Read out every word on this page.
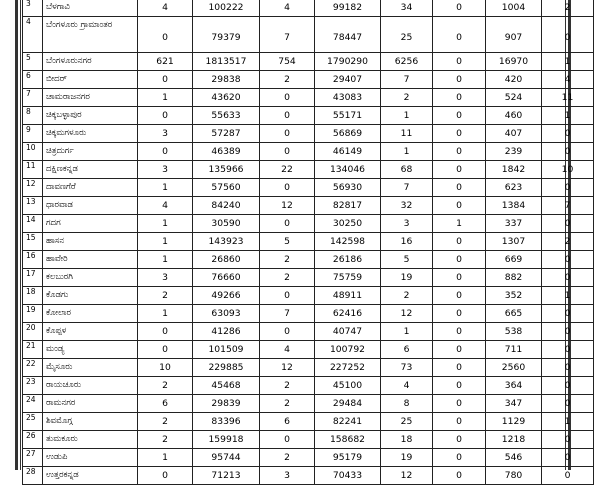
3	ಬೆಳಗಾವಿ	4	100222	4	99182	34	0	1004	2
4	ಬೆಂಗಳೂರು ಗ್ರಾಮಾಂತರ	0	79379	7	78447	25	0	907	0
5	ಬೆಂಗಳೂರುನಗರ	621	1813517	754	1790290	6256	0	16970	1
6	ಬೀದರ್	0	29838	2	29407	7	0	420	4
7	ಚಾಮರಾಜನಗರ	1	43620	0	43083	2	0	524	11
8	ಚಿಕ್ಕಬಳ್ಳಾಪುರ	0	55633	0	55171	1	0	460	1
9	ಚಿಕ್ಕಮಗಳೂರು	3	57287	0	56869	11	0	407	0
10	ಚಿತ್ರದುರ್ಗ	0	46389	0	46149	1	0	239	0
11	ದಕ್ಷಿಣಕನ್ನಡ	3	135966	22	134046	68	0	1842	10
12	ದಾವಣಗೆರೆ	1	57560	0	56930	7	0	623	0
13	ಧಾರವಾಡ	4	84240	12	82817	32	0	1384	7
14	ಗದಗ	1	30590	0	30250	3	1	337	0
15	ಹಾಸನ	1	143923	5	142598	16	0	1307	2
16	ಹಾವೇರಿ	1	26860	2	26186	5	0	669	0
17	ಕಲಬುರಗಿ	3	76660	2	75759	19	0	882	0
18	ಕೊಡಗು	2	49266	0	48911	2	0	352	1
19	ಕೋಲಾರ	1	63093	7	62416	12	0	665	0
20	ಕೊಪ್ಪಳ	0	41286	0	40747	1	0	538	0
21	ಮಂಡ್ಯ	0	101509	4	100792	6	0	711	0
22	ಮೈಸೂರು	10	229885	12	227252	73	0	2560	0
23	ರಾಯಚೂರು	2	45468	2	45100	4	0	364	0
24	ರಾಮನಗರ	6	29839	2	29484	8	0	347	0
25	ಶಿವಮೊಗ್ಗ	2	83396	6	82241	25	0	1129	1
26	ತುಮಕೂರು	2	159918	0	158682	18	0	1218	0
27	ಉಡುಪಿ	1	95744	2	95179	19	0	546	0
28	ಉತ್ತರಕನ್ನಡ	0	71213	3	70433	12	0	780	0
